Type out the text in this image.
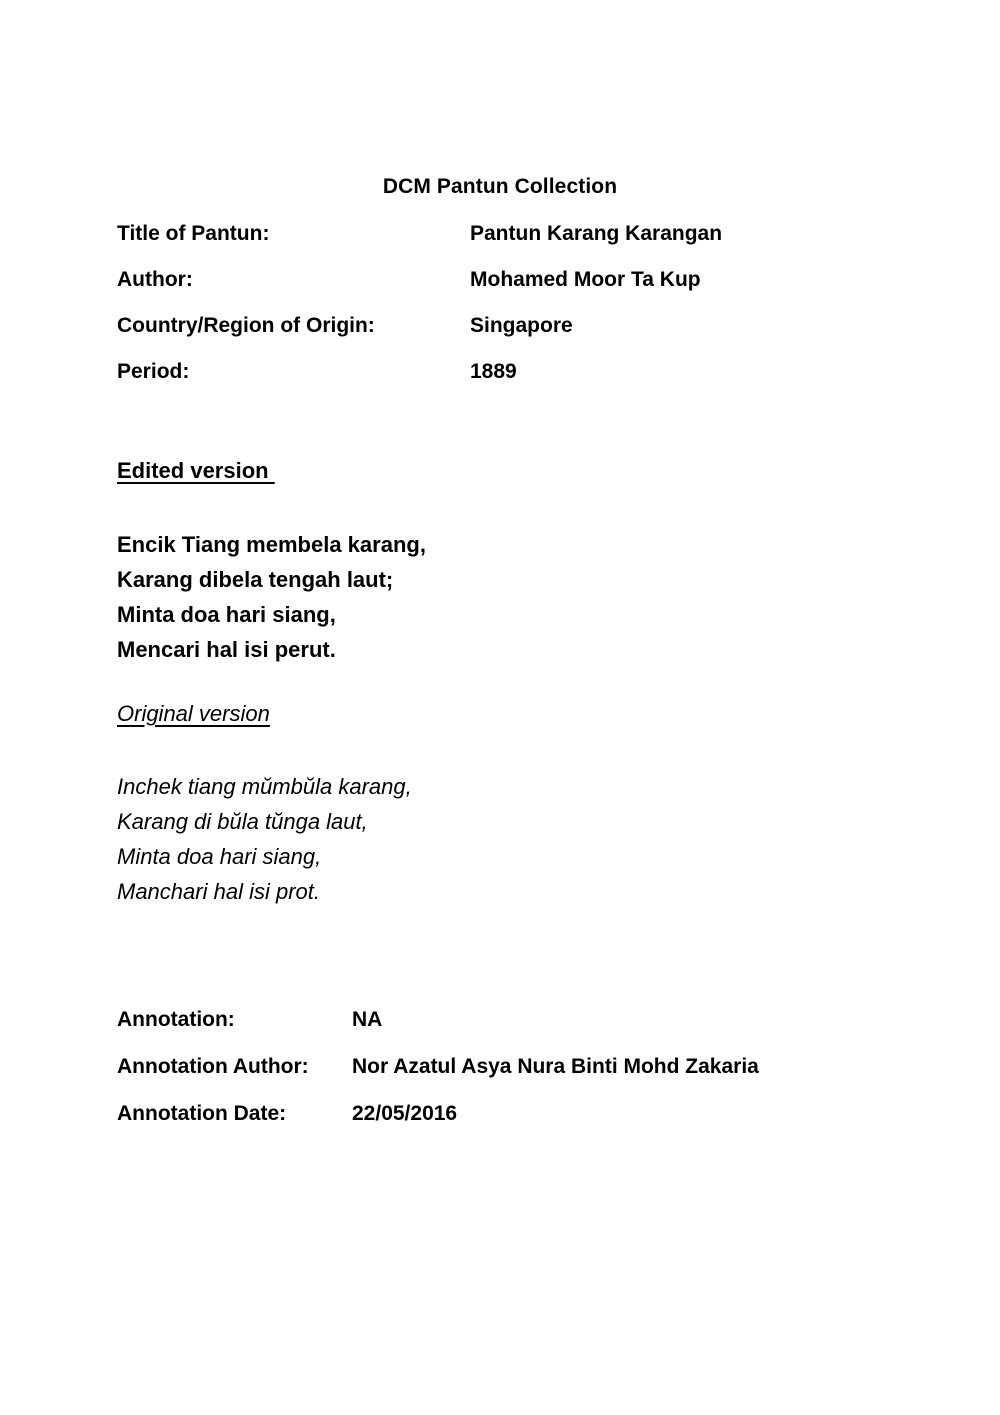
DCM Pantun Collection
Title of Pantun:	Pantun Karang Karangan
Author:	Mohamed Moor Ta Kup
Country/Region of Origin:	Singapore
Period:	1889
Edited version
Encik Tiang membela karang,
Karang dibela tengah laut;
Minta doa hari siang,
Mencari hal isi perut.
Original version
Inchek tiang mŭmbŭla karang,
Karang di bŭla tŭnga laut,
Minta doa hari siang,
Manchari hal isi prot.
Annotation:	NA
Annotation Author:	Nor Azatul Asya Nura Binti Mohd Zakaria
Annotation Date:	22/05/2016
